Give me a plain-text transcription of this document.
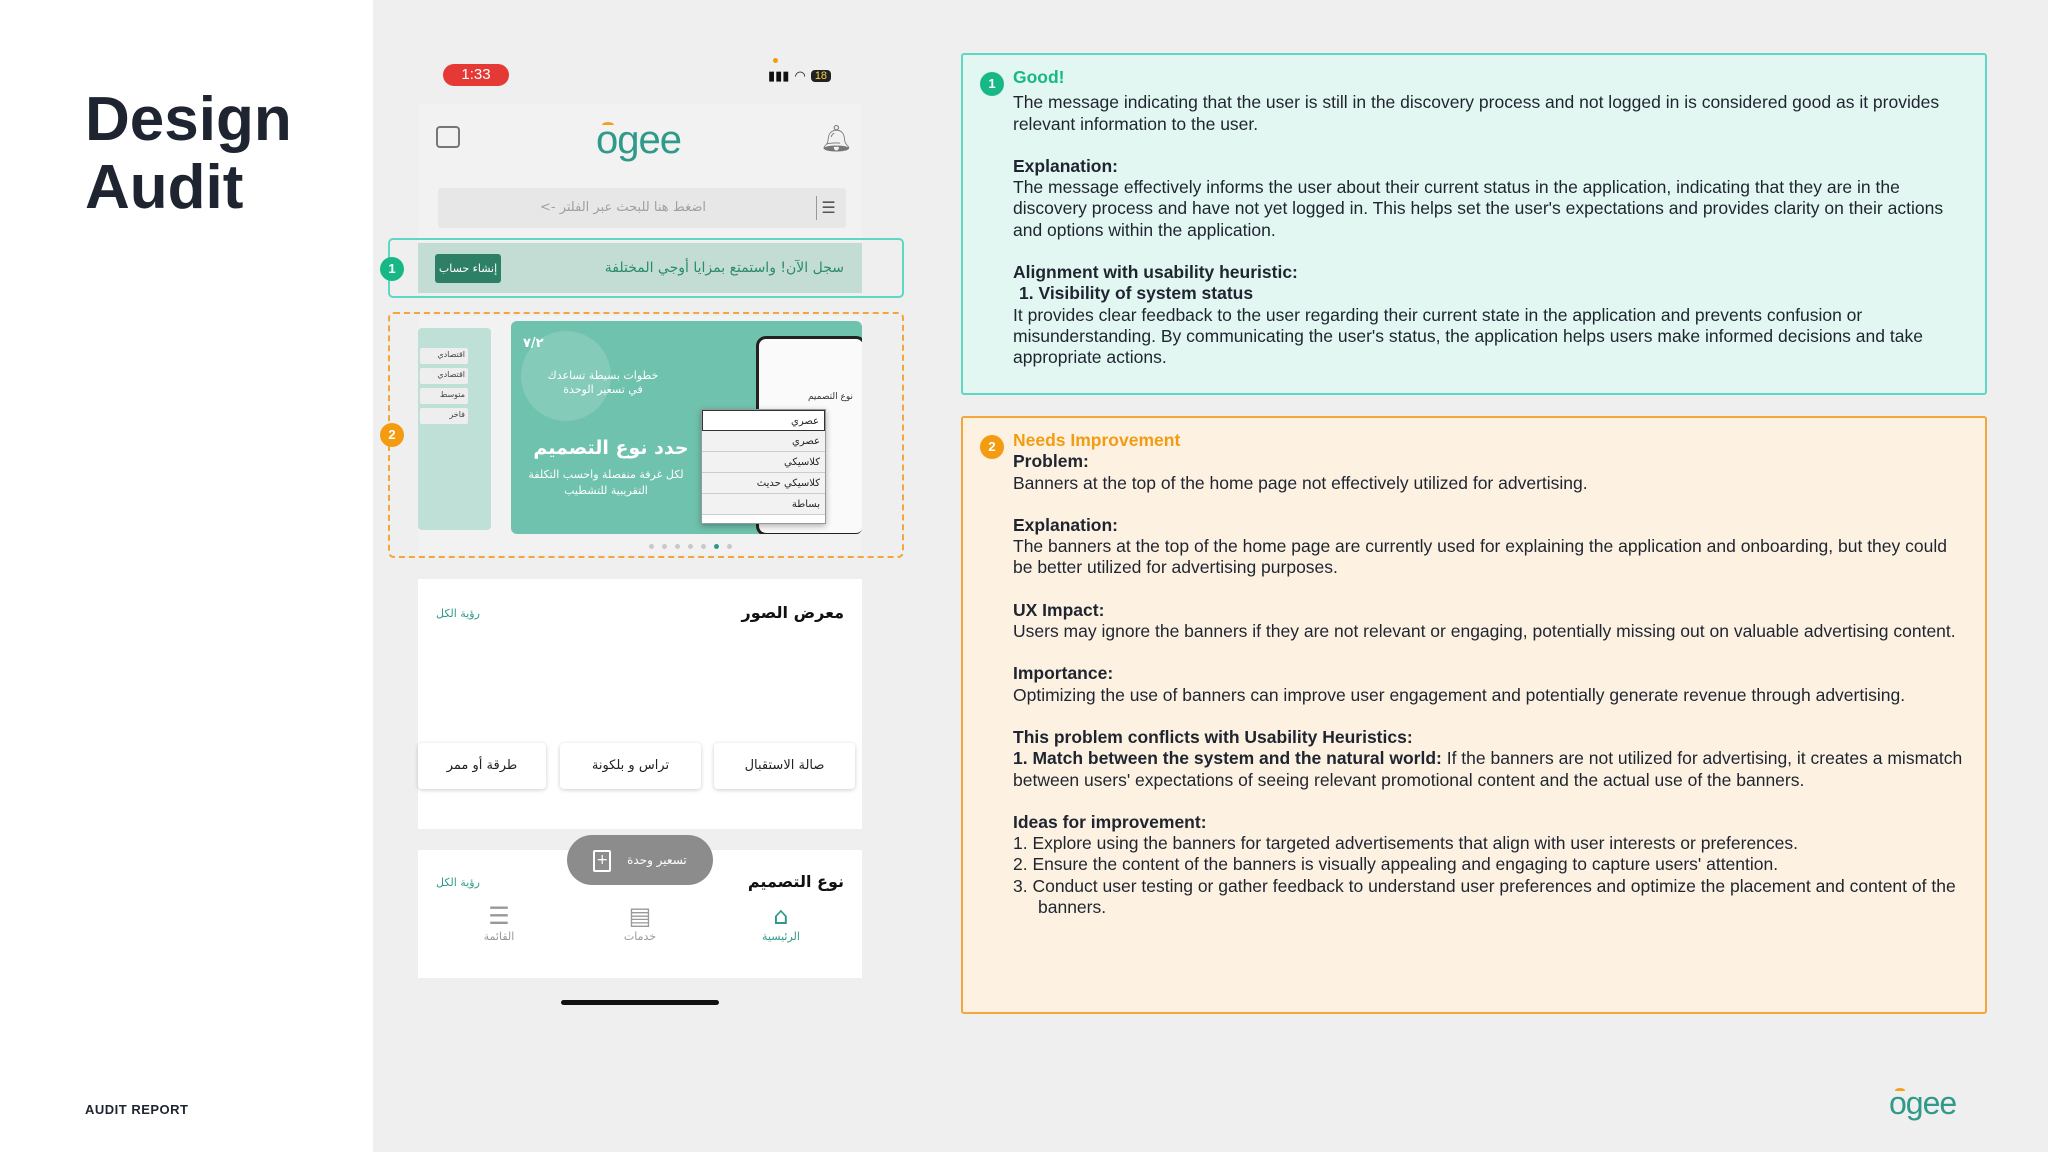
Design
Audit
AUDIT REPORT
1:33	▮▮▮ ◠ 18
ogee	🔔︎
اضغط هنا للبحث عبر الفلتر ->	☰
سجل الآن! واستمتع بمزايا أوجي المختلفة
إنشاء حساب
1
اقتصادي
اقتصادي
متوسط
فاخر
٧/٢
خطوات بسيطة تساعدك في تسعير الوحدة
حدد نوع التصميم
لكل غرفة منفصلة واحسب التكلفة التقريبية للتشطيب
نوع التصميم
عصري
عصري
كلاسيكي
كلاسيكي حديث
بساطة
2
معرض الصور
رؤية الكل
صالة الاستقبال
تراس و بلكونة
طرقة أو ممر
نوع التصميم
رؤية الكل
تسعير وحدة +
⌂
الرئيسية
▤
خدمات
☰
القائمة
1 Good!

The message indicating that the user is still in the discovery process and not logged in is considered good as it provides relevant information to the user.

Explanation:

The message effectively informs the user about their current status in the application, indicating that they are in the discovery process and have not yet logged in. This helps set the user's expectations and provides clarity on their actions and options within the application.

Alignment with usability heuristic:

1. Visibility of system status

It provides clear feedback to the user regarding their current state in the application and prevents confusion or misunderstanding. By communicating the user's status, the application helps users make informed decisions and take appropriate actions.

2 Needs Improvement

Problem:

Banners at the top of the home page not effectively utilized for advertising.

Explanation:

The banners at the top of the home page are currently used for explaining the application and onboarding, but they could be better utilized for advertising purposes.

UX Impact:

Users may ignore the banners if they are not relevant or engaging, potentially missing out on valuable advertising content.

Importance:

Optimizing the use of banners can improve user engagement and potentially generate revenue through advertising.

This problem conflicts with Usability Heuristics:

1. Match between the system and the natural world: If the banners are not utilized for advertising, it creates a mismatch between users' expectations of seeing relevant promotional content and the actual use of the banners.

Ideas for improvement:

1. Explore using the banners for targeted advertisements that align with user interests or preferences.

2. Ensure the content of the banners is visually appealing and engaging to capture users' attention.

3. Conduct user testing or gather feedback to understand user preferences and optimize the placement and content of the banners.

ogee
